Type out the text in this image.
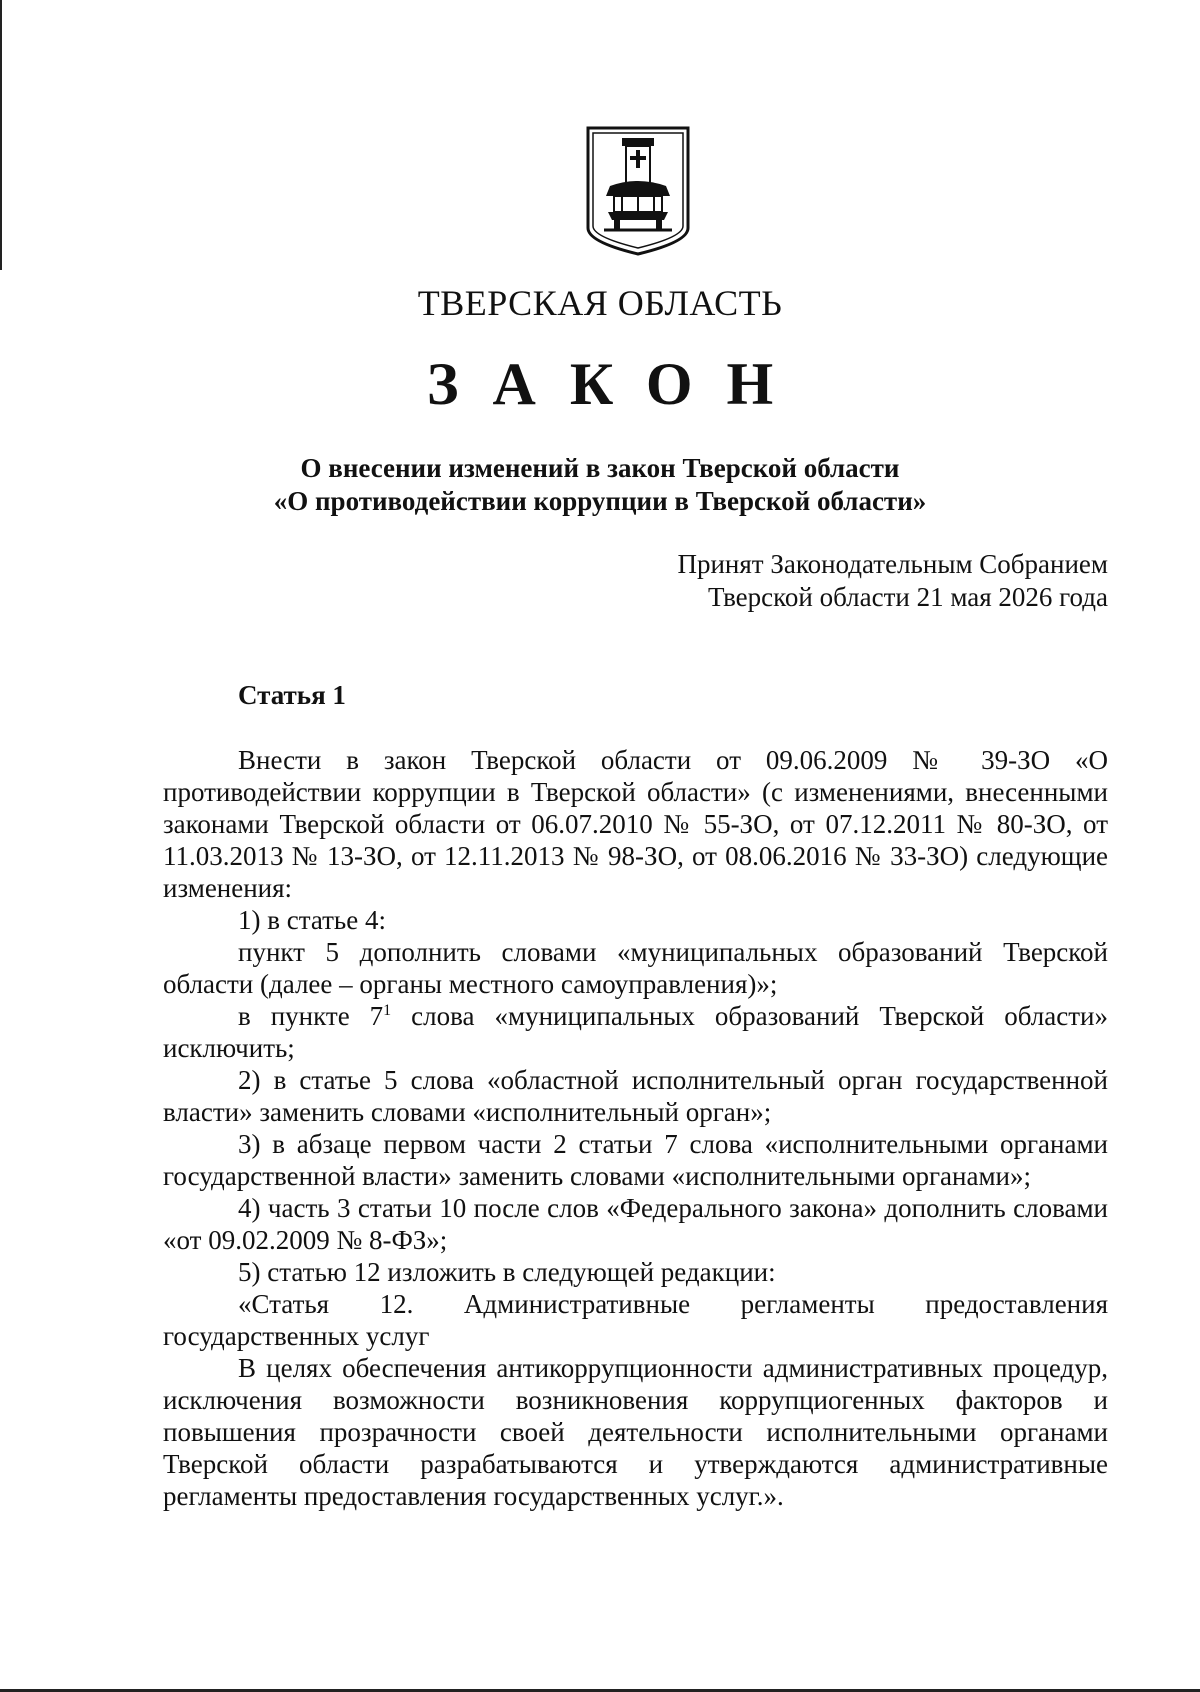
ТВЕРСКАЯ ОБЛАСТЬ
ЗАКОН
О внесении изменений в закон Тверской области
«О противодействии коррупции в Тверской области»
Принят Законодательным Собранием
Тверской области 21 мая 2026 года
Статья 1

Внести в закон Тверской области от 09.06.2009 № 39-ЗО «О противодействии коррупции в Тверской области» (с изменениями, внесенными законами Тверской области от 06.07.2010 № 55-ЗО, от 07.12.2011 № 80-ЗО, от 11.03.2013 № 13-ЗО, от 12.11.2013 № 98-ЗО, от 08.06.2016 № 33-ЗО) следующие изменения:

1) в статье 4:

пункт 5 дополнить словами «муниципальных образований Тверской области (далее – органы местного самоуправления)»;

в пункте $7^1$ слова «муниципальных образований Тверской области» исключить;

2) в статье 5 слова «областной исполнительный орган государственной власти» заменить словами «исполнительный орган»;

3) в абзаце первом части 2 статьи 7 слова «исполнительными органами государственной власти» заменить словами «исполнительными органами»;

4) часть 3 статьи 10 после слов «Федерального закона» дополнить словами «от 09.02.2009 № 8-ФЗ»;

5) статью 12 изложить в следующей редакции:

«Статья 12. Административные регламенты предоставления государственных услуг

В целях обеспечения антикоррупционности административных процедур, исключения возможности возникновения коррупциогенных факторов и повышения прозрачности своей деятельности исполнительными органами Тверской области разрабатываются и утверждаются административные регламенты предоставления государственных услуг.».
